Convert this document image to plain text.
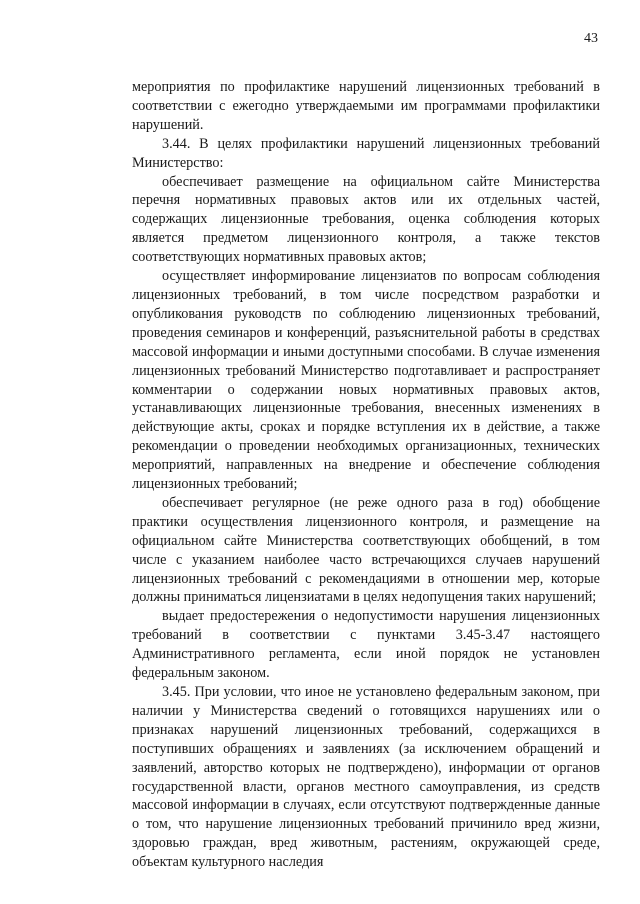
43

мероприятия по профилактике нарушений лицензионных требований в соответствии с ежегодно утверждаемыми им программами профилактики нарушений.

3.44. В целях профилактики нарушений лицензионных требований Министерство:

обеспечивает размещение на официальном сайте Министерства перечня нормативных правовых актов или их отдельных частей, содержащих лицензионные требования, оценка соблюдения которых является предметом лицензионного контроля, а также текстов соответствующих нормативных правовых актов;

осуществляет информирование лицензиатов по вопросам соблюдения лицензионных требований, в том числе посредством разработки и опубликования руководств по соблюдению лицензионных требований, проведения семинаров и конференций, разъяснительной работы в средствах массовой информации и иными доступными способами. В случае изменения лицензионных требований Министерство подготавливает и распространяет комментарии о содержании новых нормативных правовых актов, устанавливающих лицензионные требования, внесенных изменениях в действующие акты, сроках и порядке вступления их в действие, а также рекомендации о проведении необходимых организационных, технических мероприятий, направленных на внедрение и обеспечение соблюдения лицензионных требований;

обеспечивает регулярное (не реже одного раза в год) обобщение практики осуществления лицензионного контроля, и размещение на официальном сайте Министерства соответствующих обобщений, в том числе с указанием наиболее часто встречающихся случаев нарушений лицензионных требований с рекомендациями в отношении мер, которые должны приниматься лицензиатами в целях недопущения таких нарушений;

выдает предостережения о недопустимости нарушения лицензионных требований в соответствии с пунктами 3.45-3.47 настоящего Административного регламента, если иной порядок не установлен федеральным законом.

3.45. При условии, что иное не установлено федеральным законом, при наличии у Министерства сведений о готовящихся нарушениях или о признаках нарушений лицензионных требований, содержащихся в поступивших обращениях и заявлениях (за исключением обращений и заявлений, авторство которых не подтверждено), информации от органов государственной власти, органов местного самоуправления, из средств массовой информации в случаях, если отсутствуют подтвержденные данные о том, что нарушение лицензионных требований причинило вред жизни, здоровью граждан, вред животным, растениям, окружающей среде, объектам культурного наследия
